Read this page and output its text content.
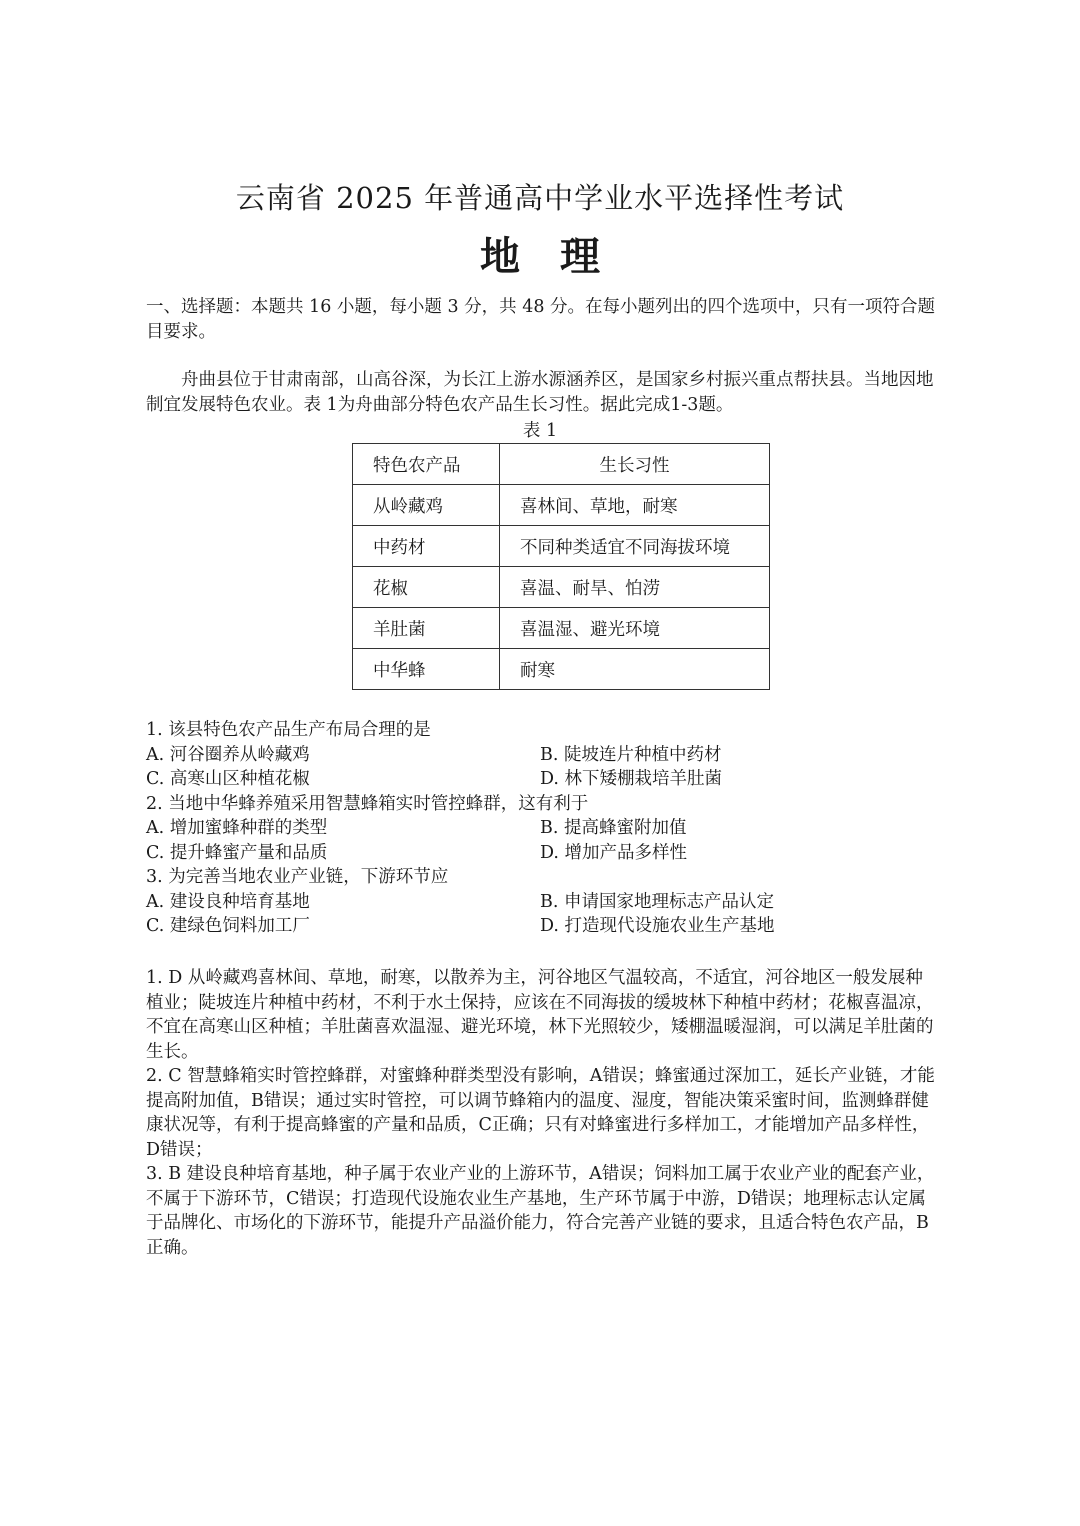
云南省 2025 年普通高中学业水平选择性考试
地理
一、选择题：本题共 16 小题，每小题 3 分，共 48 分。在每小题列出的四个选项中，只有一项符合题目要求。
舟曲县位于甘肃南部，山高谷深，为长江上游水源涵养区，是国家乡村振兴重点帮扶县。当地因地制宜发展特色农业。表 1为舟曲部分特色农产品生长习性。据此完成1-3题。
表 1
特色农产品	生长习性
从岭藏鸡	喜林间、草地，耐寒
中药材	不同种类适宜不同海拔环境
花椒	喜温、耐旱、怕涝
羊肚菌	喜温湿、避光环境
中华蜂	耐寒
1. 该县特色农产品生产布局合理的是
A. 河谷圈养从岭藏鸡	B. 陡坡连片种植中药材
C. 高寒山区种植花椒	D. 林下矮棚栽培羊肚菌
2. 当地中华蜂养殖采用智慧蜂箱实时管控蜂群，这有利于
A. 增加蜜蜂种群的类型	B. 提高蜂蜜附加值
C. 提升蜂蜜产量和品质	D. 增加产品多样性
3. 为完善当地农业产业链，下游环节应
A. 建设良种培育基地	B. 申请国家地理标志产品认定
C. 建绿色饲料加工厂	D. 打造现代设施农业生产基地

1. D 从岭藏鸡喜林间、草地，耐寒，以散养为主，河谷地区气温较高，不适宜，河谷地区一般发展种植业；陡坡连片种植中药材，不利于水土保持，应该在不同海拔的缓坡林下种植中药材；花椒喜温凉，不宜在高寒山区种植；羊肚菌喜欢温湿、避光环境，林下光照较少，矮棚温暖湿润，可以满足羊肚菌的生长。

2. C 智慧蜂箱实时管控蜂群，对蜜蜂种群类型没有影响，A错误；蜂蜜通过深加工，延长产业链，才能提高附加值，B错误；通过实时管控，可以调节蜂箱内的温度、湿度，智能决策采蜜时间，监测蜂群健康状况等，有利于提高蜂蜜的产量和品质，C正确；只有对蜂蜜进行多样加工，才能增加产品多样性，D错误；

3. B 建设良种培育基地，种子属于农业产业的上游环节，A错误；饲料加工属于农业产业的配套产业，不属于下游环节，C错误；打造现代设施农业生产基地，生产环节属于中游，D错误；地理标志认定属于品牌化、市场化的下游环节，能提升产品溢价能力，符合完善产业链的要求，且适合特色农产品，B正确。
